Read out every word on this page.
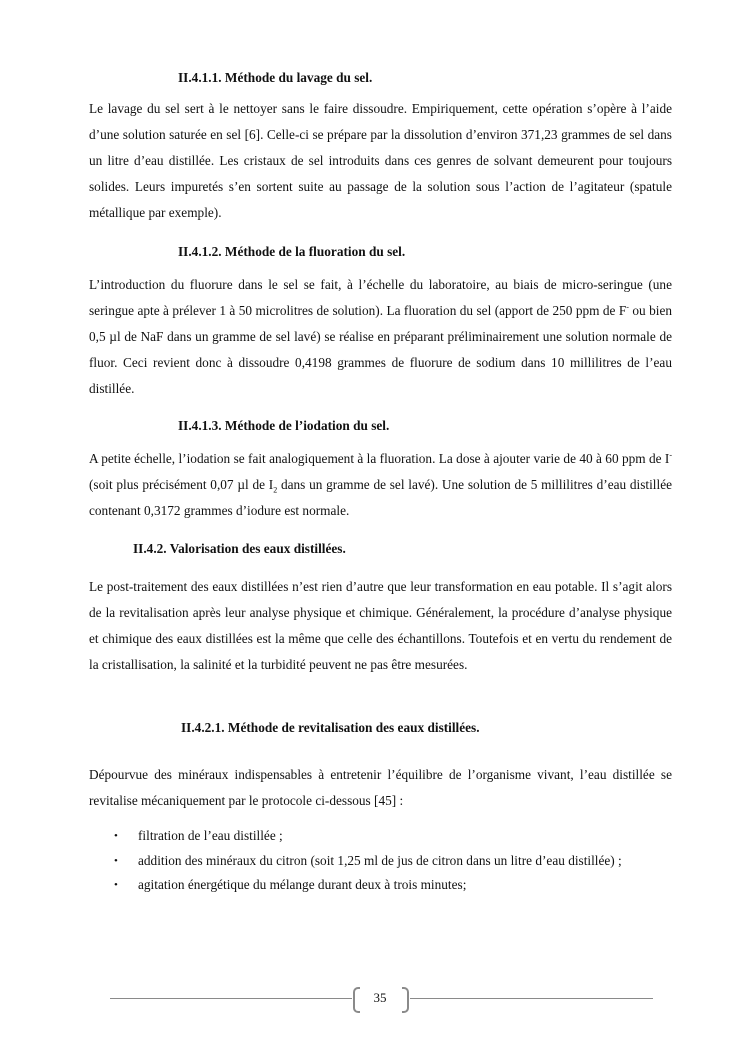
II.4.1.1. Méthode du lavage du sel.

Le lavage du sel sert à le nettoyer sans le faire dissoudre. Empiriquement, cette opération s’opère à l’aide d’une solution saturée en sel [6]. Celle-ci se prépare par la dissolution d’environ 371,23 grammes de sel dans un litre d’eau distillée. Les cristaux de sel introduits dans ces genres de solvant demeurent pour toujours solides. Leurs impuretés s’en sortent suite au passage de la solution sous l’action de l’agitateur (spatule métallique par exemple).

II.4.1.2. Méthode de la fluoration du sel.

L’introduction du fluorure dans le sel se fait, à l’échelle du laboratoire, au biais de micro-seringue (une seringue apte à prélever 1 à 50 microlitres de solution). La fluoration du sel (apport de 250 ppm de F- ou bien 0,5 µl de NaF dans un gramme de sel lavé) se réalise en préparant préliminairement une solution normale de fluor. Ceci revient donc à dissoudre 0,4198 grammes de fluorure de sodium dans 10 millilitres de l’eau distillée.

II.4.1.3. Méthode de l’iodation du sel.

A petite échelle, l’iodation se fait analogiquement à la fluoration. La dose à ajouter varie de 40 à 60 ppm de I- (soit plus précisément 0,07 µl de $I_2$ dans un gramme de sel lavé). Une solution de 5 millilitres d’eau distillée contenant 0,3172 grammes d’iodure est normale.

II.4.2. Valorisation des eaux distillées.

Le post-traitement des eaux distillées n’est rien d’autre que leur transformation en eau potable. Il s’agit alors de la revitalisation après leur analyse physique et chimique. Généralement, la procédure d’analyse physique et chimique des eaux distillées est la même que celle des échantillons. Toutefois et en vertu du rendement de la cristallisation, la salinité et la turbidité peuvent ne pas être mesurées.

II.4.2.1. Méthode de revitalisation des eaux distillées.

Dépourvue des minéraux indispensables à entretenir l’équilibre de l’organisme vivant, l’eau distillée se revitalise mécaniquement par le protocole ci-dessous [45] :

• filtration de l’eau distillée ;
• addition des minéraux du citron (soit 1,25 ml de jus de citron dans un litre d’eau distillée) ;
• agitation énergétique du mélange durant deux à trois minutes;
35
